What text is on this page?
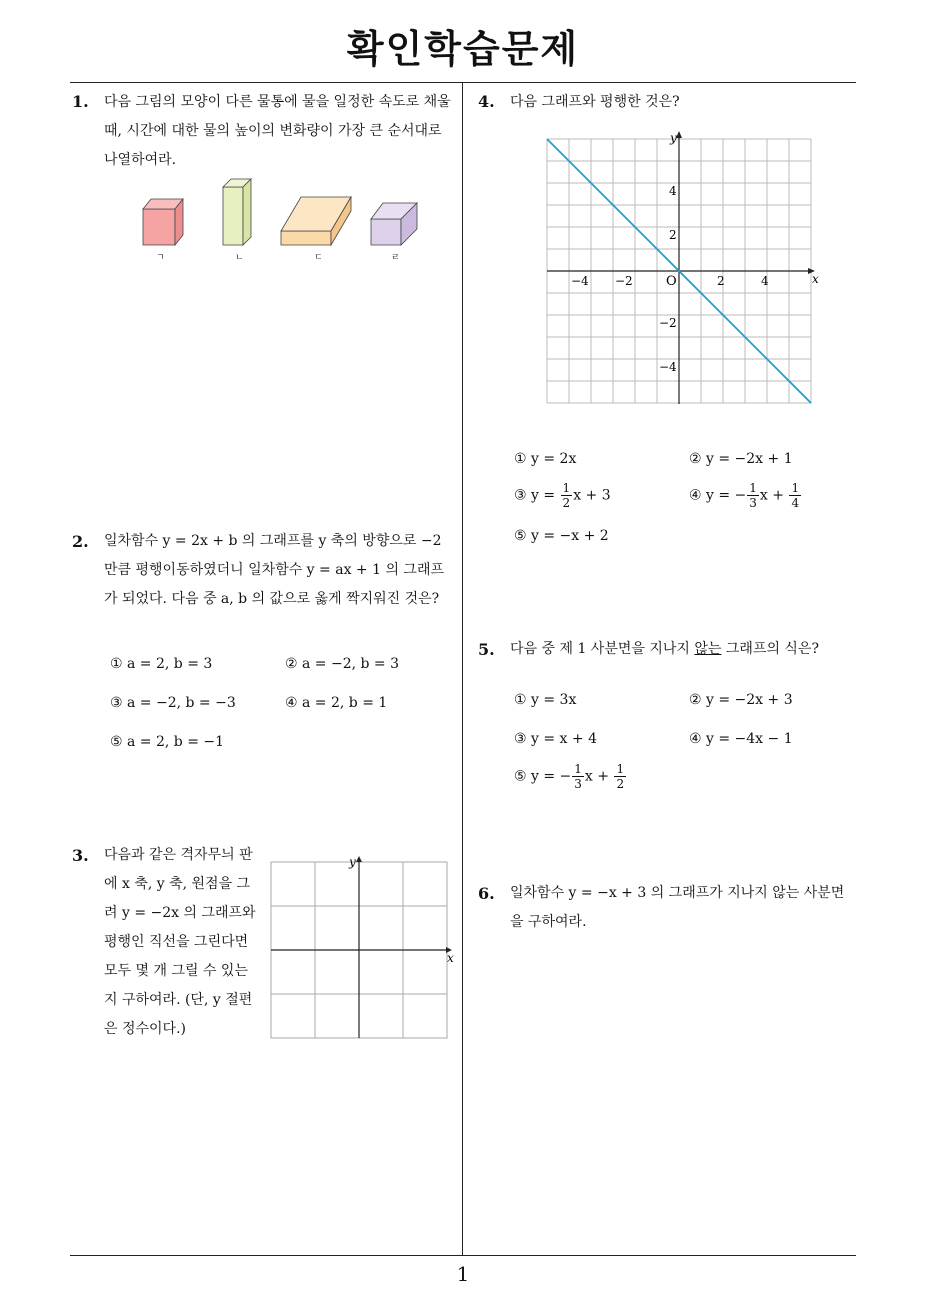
확인학습문제
1
1. 다음 그림의 모양이 다른 물통에 물을 일정한 속도로 채울 때, 시간에 대한 물의 높이의 변화량이 가장 큰 순서대로 나열하여라.
ㄱ	ㄴ	ㄷ	ㄹ
2. 일차함수 y = 2x + b 의 그래프를 y 축의 방향으로 −2 만큼 평행이동하였더니 일차함수 y = ax + 1 의 그래프가 되었다. 다음 중 a, b 의 값으로 옳게 짝지워진 것은?
① a = 2, b = 3	② a = −2, b = 3
③ a = −2, b = −3	④ a = 2, b = 1
⑤ a = 2, b = −1
3. 다음과 같은 격자무늬 판에 x 축, y 축, 원점을 그려 y = −2x 의 그래프와 평행인 직선을 그린다면 모두 몇 개 그릴 수 있는지 구하여라. (단, y 절편은 정수이다.)
x
y
4. 다음 그래프와 평행한 것은?
x
y
O
−4 −2	2	4
4
2
−2
−4
① y = 2x	② y = −2x + 1
③ $y = \frac{1}{2}$ x + 3	④ y = − $\frac{1}{3}$ $x + \frac{1}{4}$
⑤ y = −x + 2
5. 다음 중 제 1 사분면을 지나지 않는 그래프의 식은?
① y = 3x	② y = −2x + 3
③ y = x + 4	④ y = −4x − 1
⑤ y = − $\frac{1}{3}$ $x + \frac{1}{2}$
6. 일차함수 y = −x + 3 의 그래프가 지나지 않는 사분면을 구하여라.
